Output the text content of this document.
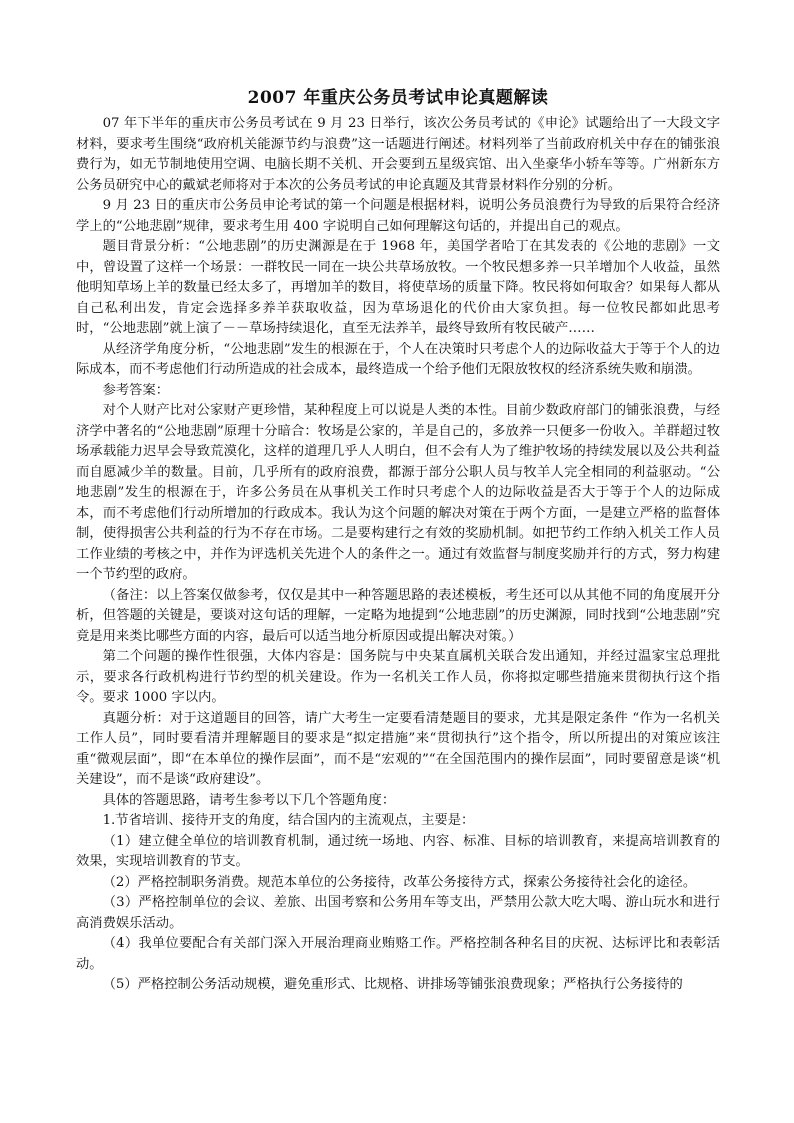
2007 年重庆公务员考试申论真题解读

07 年下半年的重庆市公务员考试在 9 月 23 日举行，该次公务员考试的《申论》试题给出了一大段文字材料，要求考生围绕“政府机关能源节约与浪费”这一话题进行阐述。材料列举了当前政府机关中存在的铺张浪费行为，如无节制地使用空调、电脑长期不关机、开会要到五星级宾馆、出入坐豪华小轿车等等。广州新东方公务员研究中心的戴斌老师将对于本次的公务员考试的申论真题及其背景材料作分别的分析。

9 月 23 日的重庆市公务员申论考试的第一个问题是根据材料，说明公务员浪费行为导致的后果符合经济学上的“公地悲剧”规律，要求考生用 400 字说明自己如何理解这句话的，并提出自己的观点。

题目背景分析：“公地悲剧”的历史渊源是在于 1968 年，美国学者哈丁在其发表的《公地的悲剧》一文中，曾设置了这样一个场景：一群牧民一同在一块公共草场放牧。一个牧民想多养一只羊增加个人收益，虽然他明知草场上羊的数量已经太多了，再增加羊的数目，将使草场的质量下降。牧民将如何取舍？如果每人都从自己私利出发，肯定会选择多养羊获取收益，因为草场退化的代价由大家负担。每一位牧民都如此思考时，“公地悲剧”就上演了－－草场持续退化，直至无法养羊，最终导致所有牧民破产……

从经济学角度分析，“公地悲剧”发生的根源在于，个人在决策时只考虑个人的边际收益大于等于个人的边际成本，而不考虑他们行动所造成的社会成本，最终造成一个给予他们无限放牧权的经济系统失败和崩溃。

参考答案：

对个人财产比对公家财产更珍惜，某种程度上可以说是人类的本性。目前少数政府部门的铺张浪费，与经济学中著名的“公地悲剧”原理十分暗合：牧场是公家的，羊是自己的，多放养一只便多一份收入。羊群超过牧场承载能力迟早会导致荒漠化，这样的道理几乎人人明白，但不会有人为了维护牧场的持续发展以及公共利益而自愿减少羊的数量。目前，几乎所有的政府浪费，都源于部分公职人员与牧羊人完全相同的利益驱动。“公地悲剧”发生的根源在于，许多公务员在从事机关工作时只考虑个人的边际收益是否大于等于个人的边际成本，而不考虑他们行动所增加的行政成本。我认为这个问题的解决对策在于两个方面，一是建立严格的监督体制，使得损害公共利益的行为不存在市场。二是要构建行之有效的奖励机制。如把节约工作纳入机关工作人员工作业绩的考核之中，并作为评选机关先进个人的条件之一。通过有效监督与制度奖励并行的方式，努力构建一个节约型的政府。

（备注：以上答案仅做参考，仅仅是其中一种答题思路的表述模板，考生还可以从其他不同的角度展开分析，但答题的关键是，要谈对这句话的理解，一定略为地提到“公地悲剧”的历史渊源，同时找到“公地悲剧”究竟是用来类比哪些方面的内容，最后可以适当地分析原因或提出解决对策。）

第二个问题的操作性很强，大体内容是：国务院与中央某直属机关联合发出通知，并经过温家宝总理批示，要求各行政机构进行节约型的机关建设。作为一名机关工作人员，你将拟定哪些措施来贯彻执行这个指令。要求 1000 字以内。

真题分析：对于这道题目的回答，请广大考生一定要看清楚题目的要求，尤其是限定条件 “作为一名机关工作人员”，同时要看清并理解题目的要求是“拟定措施”来“贯彻执行”这个指令，所以所提出的对策应该注重“微观层面”，即“在本单位的操作层面”，而不是“宏观的”“在全国范围内的操作层面”，同时要留意是谈“机关建设”，而不是谈“政府建设”。

具体的答题思路，请考生参考以下几个答题角度：

1.节省培训、接待开支的角度，结合国内的主流观点，主要是：

（1）建立健全单位的培训教育机制，通过统一场地、内容、标准、目标的培训教育，来提高培训教育的效果，实现培训教育的节支。

（2）严格控制职务消费。规范本单位的公务接待，改革公务接待方式，探索公务接待社会化的途径。

（3）严格控制单位的会议、差旅、出国考察和公务用车等支出，严禁用公款大吃大喝、游山玩水和进行高消费娱乐活动。

（4）我单位要配合有关部门深入开展治理商业贿赂工作。严格控制各种名目的庆祝、达标评比和表彰活动。

（5）严格控制公务活动规模，避免重形式、比规格、讲排场等铺张浪费现象；严格执行公务接待的
